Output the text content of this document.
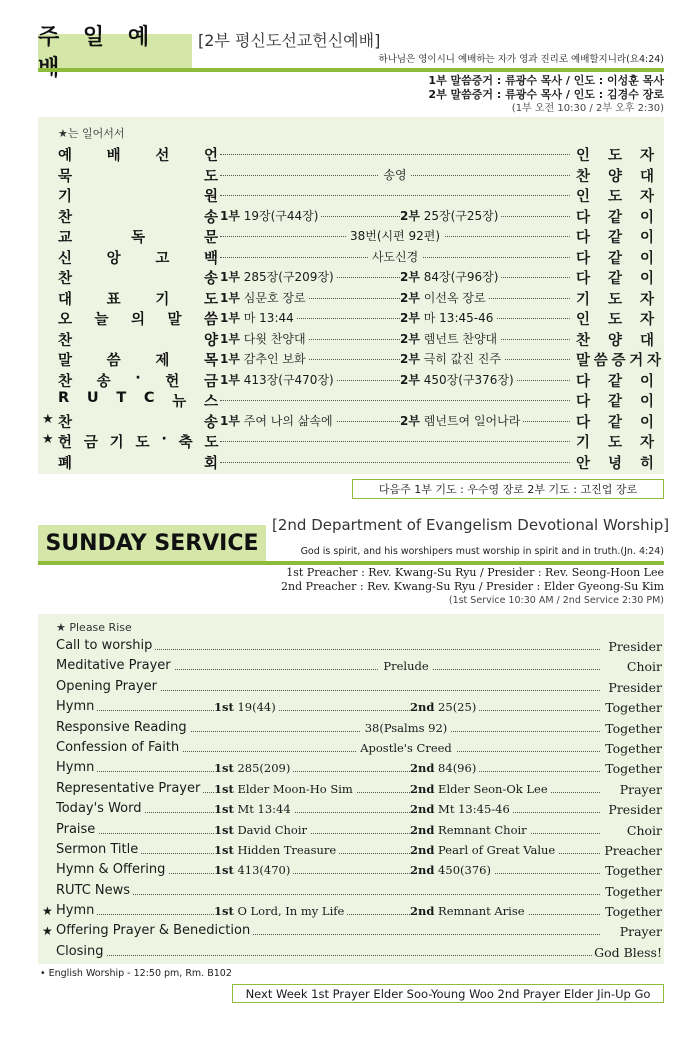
주 일 예	[2부 평신도선교헌신예배]
하나님은 영이시니 예배하는 자가 영과 진리로 예배할지니라(요4:24)
1부 말씀증거 : 류광수 목사 / 인도 : 이성훈 목사
2부 말씀증거 : 류광수 목사 / 인도 : 김경수 장로
(1부 오전 10:30 / 2부 오후 2:30)
★는 일어서서
예 배 선 언	인 도 자
묵	도	송영	찬 양 대
기	원	인 도 자
찬	송 1부 19장(구44장)	2부 25장(구25장)	다 같 이
교	독	문	38번(시편 92편)	다 같 이
신 앙 고 백	사도신경	다 같 이
찬	송 1부 285장(구209장)	2부 84장(구96장)	다 같 이
대 표 기 도 1부 심문호 장로	2부 이선옥 장로	기 도 자
오 늘 의 말 씀 1부 마 13:44	2부 마 13:45-46	인 도 자
찬	양 1부 다윗 찬양대	2부 렘넌트 찬양대	찬 양 대
말 씀 제 목 1부 감추인 보화	2부 극히 값진 진주	말 씀 증 거 자
찬 송 · 헌 금 1부 413장(구470장)	2부 450장(구376장)	다 같 이
R U T C 뉴 스	다 같 이
★ 찬	송 1부 주여 나의 삶속에	2부 렘넌트여 일어나라	다 같 이
★ 헌 금 기 도 · 축 도	기 도 자
폐	회	안 녕 히
다음주 1부 기도 : 우수영 장로 2부 기도 : 고진업 장로
SUNDAY SERVICE
[2nd Department of Evangelism Devotional Worship]
God is spirit, and his worshipers must worship in spirit and in truth.(Jn. 4:24)
1st Preacher : Rev. Kwang-Su Ryu / Presider : Rev. Seong-Hoon Lee
2nd Preacher : Rev. Kwang-Su Ryu / Presider : Elder Gyeong-Su Kim
(1st Service 10:30 AM / 2nd Service 2:30 PM)
★ Please Rise
Call to worship	Presider
Meditative Prayer	Prelude	Choir
Opening Prayer	Presider
Hymn	1st 19(44)	2nd 25(25)	Together
Responsive Reading	38(Psalms 92)	Together
Confession of Faith	Apostle's Creed	Together
Hymn	1st 285(209)	2nd 84(96)	Together
Representative Prayer 1st Elder Moon-Ho Sim	2nd Elder Seon-Ok Lee	Prayer
Today's Word	1st Mt 13:44	2nd Mt 13:45-46	Presider
Praise	1st David Choir	2nd Remnant Choir	Choir
Sermon Title	1st Hidden Treasure	2nd Pearl of Great Value	Preacher
Hymn & Offering	1st 413(470)	2nd 450(376)	Together
RUTC News	Together
★ Hymn	1st O Lord, In my Life	2nd Remnant Arise	Together
★ Offering Prayer & Benediction	Prayer
Closing	God Bless!
• English Worship - 12:50 pm, Rm. B102
Next Week 1st Prayer Elder Soo-Young Woo 2nd Prayer Elder Jin-Up Go
